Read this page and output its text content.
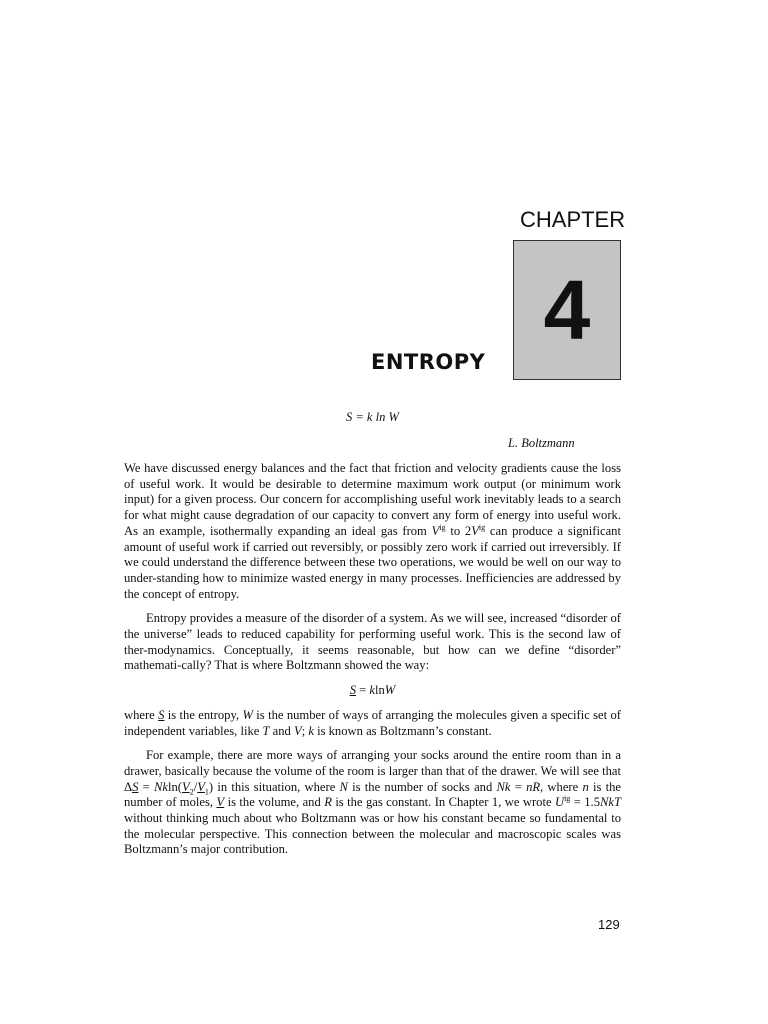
CHAPTER
4
ENTROPY
S = k ln W
L. Boltzmann

We have discussed energy balances and the fact that friction and velocity gradients cause the loss of useful work. It would be desirable to determine maximum work output (or minimum work input) for a given process. Our concern for accomplishing useful work inevitably leads to a search for what might cause degradation of our capacity to convert any form of energy into useful work. As an example, isothermally expanding an ideal gas from $V^{ig}$ to $2V^{ig}$ can produce a significant amount of useful work if carried out reversibly, or possibly zero work if carried out irreversibly. If we could understand the difference between these two operations, we would be well on our way to under-standing how to minimize wasted energy in many processes. Inefficiencies are addressed by the concept of entropy.

Entropy provides a measure of the disorder of a system. As we will see, increased “disorder of the universe” leads to reduced capability for performing useful work. This is the second law of ther-modynamics. Conceptually, it seems reasonable, but how can we define “disorder” mathemati-cally? That is where Boltzmann showed the way:

S = klnW

where S is the entropy, W is the number of ways of arranging the molecules given a specific set of independent variables, like T and V; k is known as Boltzmann’s constant.

For example, there are more ways of arranging your socks around the entire room than in a drawer, basically because the volume of the room is larger than that of the drawer. We will see that $\Delta S = Nkln(V_2/V_1)$ in this situation, where N is the number of socks and Nk = nR, where n is the number of moles, V is the volume, and R is the gas constant. In Chapter 1, we wrote $U^{ig} = 1.5NkT$ without thinking much about who Boltzmann was or how his constant became so fundamental to the molecular perspective. This connection between the molecular and macroscopic scales was Boltzmann’s major contribution.

129
